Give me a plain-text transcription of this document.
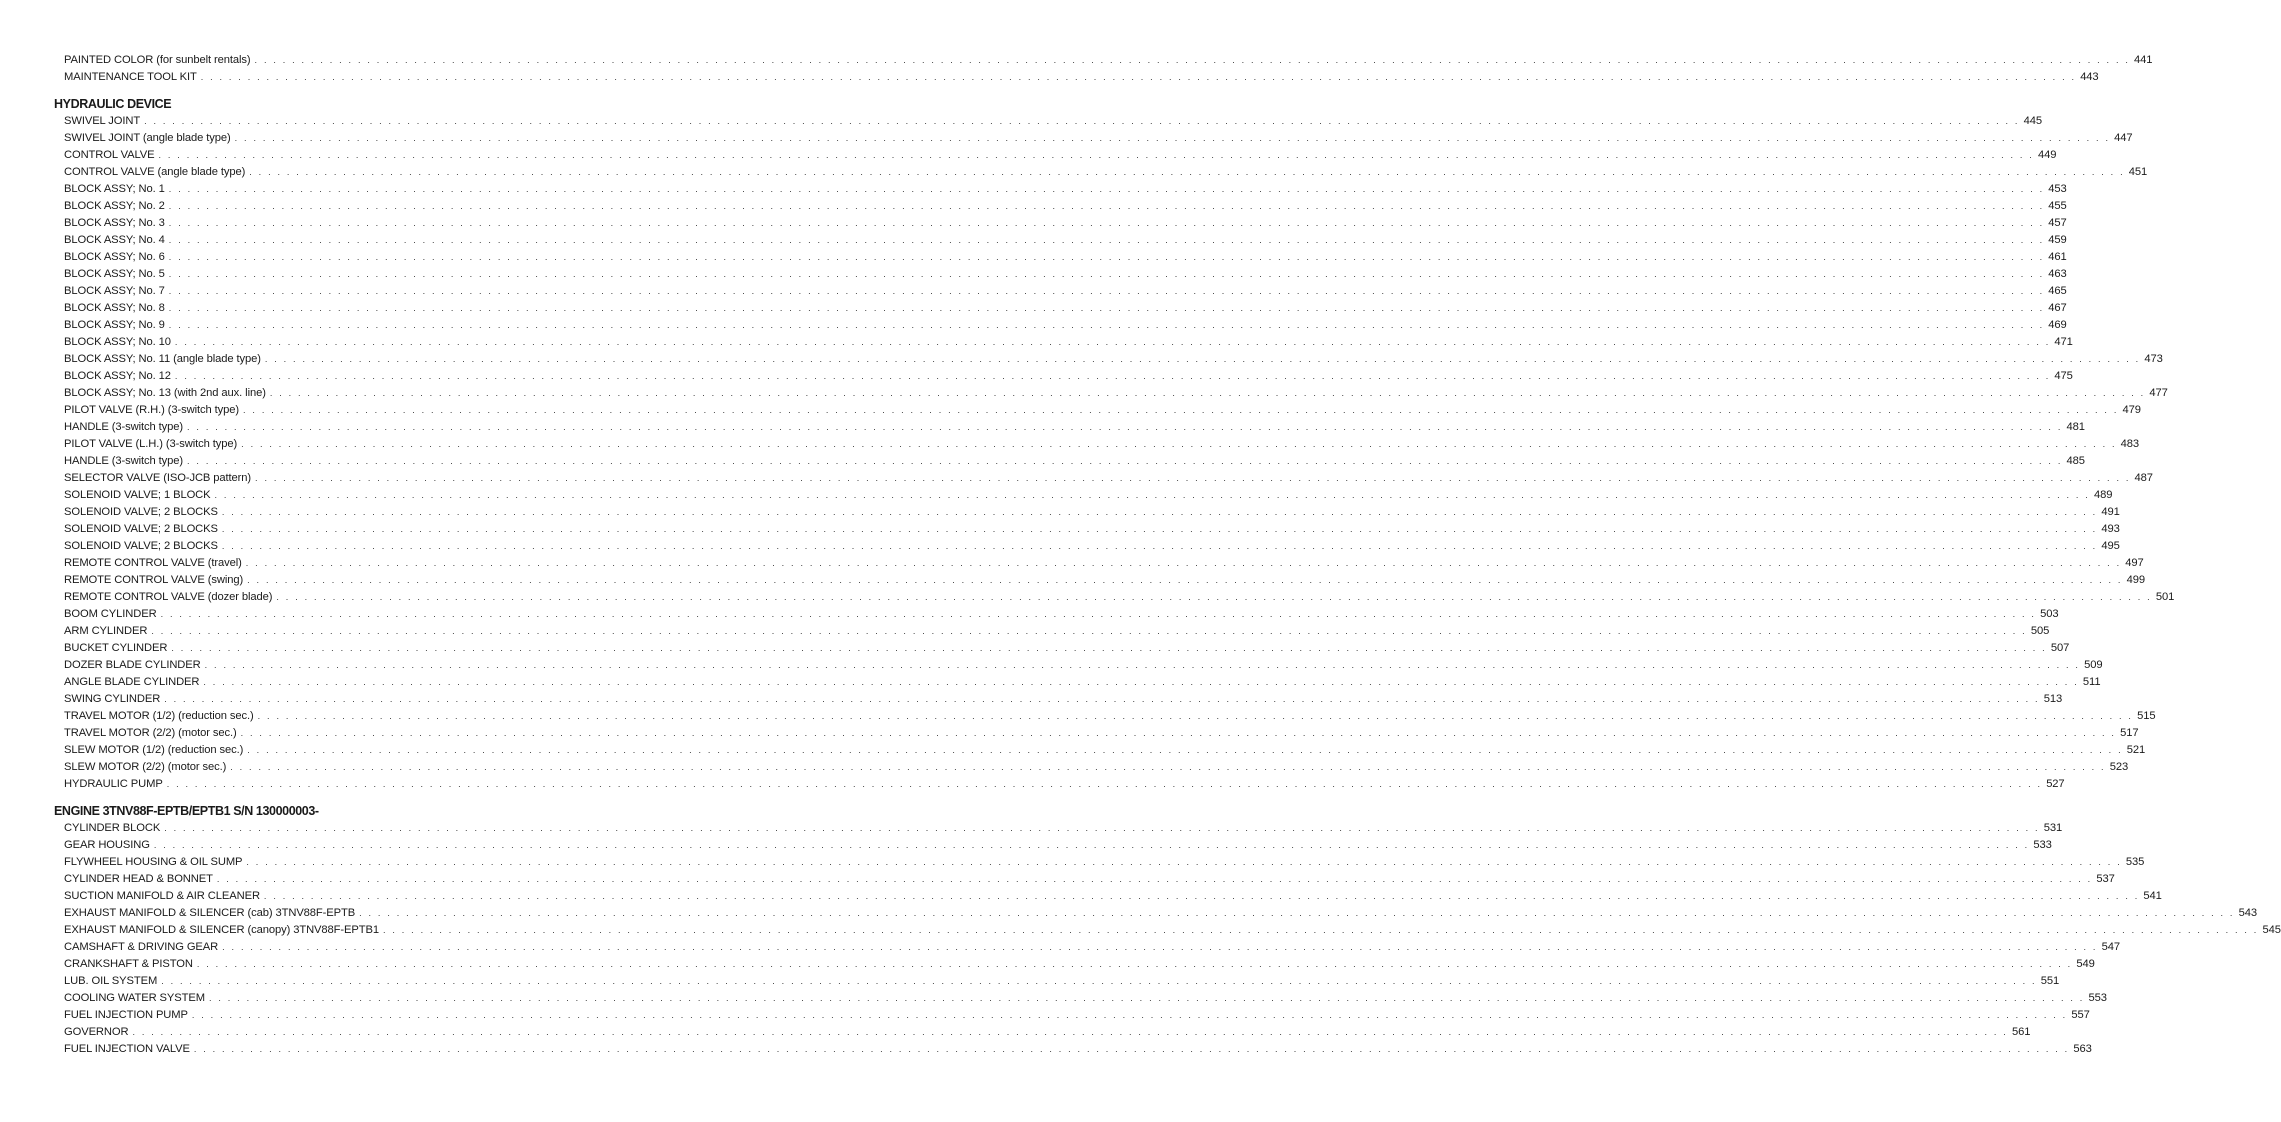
PAINTED COLOR (for sunbelt rentals) . . . . . . . . . . . . . . . . . . . . . . . . . . . . . . . . . . . . . . . . . . . . . . . . . . . . . . . . . . . . . . . . . . . . . . . . . . . . . . . . . . . . . . . . . . . . . . . . . . . . . . . . . . . . . . . . . . . . . . . . . . . . . . . . . . . . . . . . . . . . . . . . . . . . . . . . . . . . . . . . . . . . . . . . . . . . . . . . . . . . . . . . . . . . . . . . . . . . . . . . 441
MAINTENANCE TOOL KIT . . . . . . . . . . . . . . . . . . . . . . . . . . . . . . . . . . . . . . . . . . . . . . . . . . . . . . . . . . . . . . . . . . . . . . . . . . . . . . . . . . . . . . . . . . . . . . . . . . . . . . . . . . . . . . . . . . . . . . . . . . . . . . . . . . . . . . . . . . . . . . . . . . . . . . . . . . . . . . . . . . . . . . . . . . . . . . . . . . . . . . . . . . . . . . . . . . . . . . . . 443
HYDRAULIC DEVICE
SWIVEL JOINT . . . . . . . . . . . . . . . . . . . . . . . . . . . . . . . . . . . . . . . . . . . . . . . . . . . . . . . . . . . . . . . . . . . . . . . . . . . . . . . . . . . . . . . . . . . . . . . . . . . . . . . . . . . . . . . . . . . . . . . . . . . . . . . . . . . . . . . . . . . . . . . . . . . . . . . . . . . . . . . . . . . . . . . . . . . . . . . . . . . . . . . . . . . . . . . . . . . . . . . . 445
SWIVEL JOINT (angle blade type) . . . . . . . . . . . . . . . . . . . . . . . . . . . . . . . . . . . . . . . . . . . . . . . . . . . . . . . . . . . . . . . . . . . . . . . . . . . . . . . . . . . . . . . . . . . . . . . . . . . . . . . . . . . . . . . . . . . . . . . . . . . . . . . . . . . . . . . . . . . . . . . . . . . . . . . . . . . . . . . . . . . . . . . . . . . . . . . . . . . . . . . . . . . . . . . . . . . . . . . . 447
CONTROL VALVE . . . . . . . . . . . . . . . . . . . . . . . . . . . . . . . . . . . . . . . . . . . . . . . . . . . . . . . . . . . . . . . . . . . . . . . . . . . . . . . . . . . . . . . . . . . . . . . . . . . . . . . . . . . . . . . . . . . . . . . . . . . . . . . . . . . . . . . . . . . . . . . . . . . . . . . . . . . . . . . . . . . . . . . . . . . . . . . . . . . . . . . . . . . . . . . . . . . . . . . . 449
CONTROL VALVE (angle blade type) . . . . . . . . . . . . . . . . . . . . . . . . . . . . . . . . . . . . . . . . . . . . . . . . . . . . . . . . . . . . . . . . . . . . . . . . . . . . . . . . . . . . . . . . . . . . . . . . . . . . . . . . . . . . . . . . . . . . . . . . . . . . . . . . . . . . . . . . . . . . . . . . . . . . . . . . . . . . . . . . . . . . . . . . . . . . . . . . . . . . . . . . . . . . . . . . . . . . . . . . 451
BLOCK ASSY; No. 1 . . . . . . . . . . . . . . . . . . . . . . . . . . . . . . . . . . . . . . . . . . . . . . . . . . . . . . . . . . . . . . . . . . . . . . . . . . . . . . . . . . . . . . . . . . . . . . . . . . . . . . . . . . . . . . . . . . . . . . . . . . . . . . . . . . . . . . . . . . . . . . . . . . . . . . . . . . . . . . . . . . . . . . . . . . . . . . . . . . . . . . . . . . . . . . . . . . . . . . . . 453
BLOCK ASSY; No. 2 . . . . . . . . . . . . . . . . . . . . . . . . . . . . . . . . . . . . . . . . . . . . . . . . . . . . . . . . . . . . . . . . . . . . . . . . . . . . . . . . . . . . . . . . . . . . . . . . . . . . . . . . . . . . . . . . . . . . . . . . . . . . . . . . . . . . . . . . . . . . . . . . . . . . . . . . . . . . . . . . . . . . . . . . . . . . . . . . . . . . . . . . . . . . . . . . . . . . . . . . 455
BLOCK ASSY; No. 3 . . . . . . . . . . . . . . . . . . . . . . . . . . . . . . . . . . . . . . . . . . . . . . . . . . . . . . . . . . . . . . . . . . . . . . . . . . . . . . . . . . . . . . . . . . . . . . . . . . . . . . . . . . . . . . . . . . . . . . . . . . . . . . . . . . . . . . . . . . . . . . . . . . . . . . . . . . . . . . . . . . . . . . . . . . . . . . . . . . . . . . . . . . . . . . . . . . . . . . . . 457
BLOCK ASSY; No. 4 . . . . . . . . . . . . . . . . . . . . . . . . . . . . . . . . . . . . . . . . . . . . . . . . . . . . . . . . . . . . . . . . . . . . . . . . . . . . . . . . . . . . . . . . . . . . . . . . . . . . . . . . . . . . . . . . . . . . . . . . . . . . . . . . . . . . . . . . . . . . . . . . . . . . . . . . . . . . . . . . . . . . . . . . . . . . . . . . . . . . . . . . . . . . . . . . . . . . . . . . 459
BLOCK ASSY; No. 6 . . . . . . . . . . . . . . . . . . . . . . . . . . . . . . . . . . . . . . . . . . . . . . . . . . . . . . . . . . . . . . . . . . . . . . . . . . . . . . . . . . . . . . . . . . . . . . . . . . . . . . . . . . . . . . . . . . . . . . . . . . . . . . . . . . . . . . . . . . . . . . . . . . . . . . . . . . . . . . . . . . . . . . . . . . . . . . . . . . . . . . . . . . . . . . . . . . . . . . . . 461
BLOCK ASSY; No. 5 . . . . . . . . . . . . . . . . . . . . . . . . . . . . . . . . . . . . . . . . . . . . . . . . . . . . . . . . . . . . . . . . . . . . . . . . . . . . . . . . . . . . . . . . . . . . . . . . . . . . . . . . . . . . . . . . . . . . . . . . . . . . . . . . . . . . . . . . . . . . . . . . . . . . . . . . . . . . . . . . . . . . . . . . . . . . . . . . . . . . . . . . . . . . . . . . . . . . . . . . 463
BLOCK ASSY; No. 7 . . . . . . . . . . . . . . . . . . . . . . . . . . . . . . . . . . . . . . . . . . . . . . . . . . . . . . . . . . . . . . . . . . . . . . . . . . . . . . . . . . . . . . . . . . . . . . . . . . . . . . . . . . . . . . . . . . . . . . . . . . . . . . . . . . . . . . . . . . . . . . . . . . . . . . . . . . . . . . . . . . . . . . . . . . . . . . . . . . . . . . . . . . . . . . . . . . . . . . . . 465
BLOCK ASSY; No. 8 . . . . . . . . . . . . . . . . . . . . . . . . . . . . . . . . . . . . . . . . . . . . . . . . . . . . . . . . . . . . . . . . . . . . . . . . . . . . . . . . . . . . . . . . . . . . . . . . . . . . . . . . . . . . . . . . . . . . . . . . . . . . . . . . . . . . . . . . . . . . . . . . . . . . . . . . . . . . . . . . . . . . . . . . . . . . . . . . . . . . . . . . . . . . . . . . . . . . . . . . 467
BLOCK ASSY; No. 9 . . . . . . . . . . . . . . . . . . . . . . . . . . . . . . . . . . . . . . . . . . . . . . . . . . . . . . . . . . . . . . . . . . . . . . . . . . . . . . . . . . . . . . . . . . . . . . . . . . . . . . . . . . . . . . . . . . . . . . . . . . . . . . . . . . . . . . . . . . . . . . . . . . . . . . . . . . . . . . . . . . . . . . . . . . . . . . . . . . . . . . . . . . . . . . . . . . . . . . . . 469
BLOCK ASSY; No. 10 . . . . . . . . . . . . . . . . . . . . . . . . . . . . . . . . . . . . . . . . . . . . . . . . . . . . . . . . . . . . . . . . . . . . . . . . . . . . . . . . . . . . . . . . . . . . . . . . . . . . . . . . . . . . . . . . . . . . . . . . . . . . . . . . . . . . . . . . . . . . . . . . . . . . . . . . . . . . . . . . . . . . . . . . . . . . . . . . . . . . . . . . . . . . . . . . . . . . . . . . 471
BLOCK ASSY; No. 11 (angle blade type) . . . . . . . . . . . . . . . . . . . . . . . . . . . . . . . . . . . . . . . . . . . . . . . . . . . . . . . . . . . . . . . . . . . . . . . . . . . . . . . . . . . . . . . . . . . . . . . . . . . . . . . . . . . . . . . . . . . . . . . . . . . . . . . . . . . . . . . . . . . . . . . . . . . . . . . . . . . . . . . . . . . . . . . . . . . . . . . . . . . . . . . . . . . . . . . . . . . . . . . . 473
BLOCK ASSY; No. 12 . . . . . . . . . . . . . . . . . . . . . . . . . . . . . . . . . . . . . . . . . . . . . . . . . . . . . . . . . . . . . . . . . . . . . . . . . . . . . . . . . . . . . . . . . . . . . . . . . . . . . . . . . . . . . . . . . . . . . . . . . . . . . . . . . . . . . . . . . . . . . . . . . . . . . . . . . . . . . . . . . . . . . . . . . . . . . . . . . . . . . . . . . . . . . . . . . . . . . . . . 475
BLOCK ASSY; No. 13 (with 2nd aux. line) . . . . . . . . . . . . . . . . . . . . . . . . . . . . . . . . . . . . . . . . . . . . . . . . . . . . . . . . . . . . . . . . . . . . . . . . . . . . . . . . . . . . . . . . . . . . . . . . . . . . . . . . . . . . . . . . . . . . . . . . . . . . . . . . . . . . . . . . . . . . . . . . . . . . . . . . . . . . . . . . . . . . . . . . . . . . . . . . . . . . . . . . . . . . . . . . . . . . . . . . 477
PILOT VALVE (R.H.) (3-switch type) . . . . . . . . . . . . . . . . . . . . . . . . . . . . . . . . . . . . . . . . . . . . . . . . . . . . . . . . . . . . . . . . . . . . . . . . . . . . . . . . . . . . . . . . . . . . . . . . . . . . . . . . . . . . . . . . . . . . . . . . . . . . . . . . . . . . . . . . . . . . . . . . . . . . . . . . . . . . . . . . . . . . . . . . . . . . . . . . . . . . . . . . . . . . . . . . . . . . . . . . 479
HANDLE (3-switch type) . . . . . . . . . . . . . . . . . . . . . . . . . . . . . . . . . . . . . . . . . . . . . . . . . . . . . . . . . . . . . . . . . . . . . . . . . . . . . . . . . . . . . . . . . . . . . . . . . . . . . . . . . . . . . . . . . . . . . . . . . . . . . . . . . . . . . . . . . . . . . . . . . . . . . . . . . . . . . . . . . . . . . . . . . . . . . . . . . . . . . . . . . . . . . . . . . . . . . . . . 481
PILOT VALVE (L.H.) (3-switch type) . . . . . . . . . . . . . . . . . . . . . . . . . . . . . . . . . . . . . . . . . . . . . . . . . . . . . . . . . . . . . . . . . . . . . . . . . . . . . . . . . . . . . . . . . . . . . . . . . . . . . . . . . . . . . . . . . . . . . . . . . . . . . . . . . . . . . . . . . . . . . . . . . . . . . . . . . . . . . . . . . . . . . . . . . . . . . . . . . . . . . . . . . . . . . . . . . . . . . . . . 483
HANDLE (3-switch type) . . . . . . . . . . . . . . . . . . . . . . . . . . . . . . . . . . . . . . . . . . . . . . . . . . . . . . . . . . . . . . . . . . . . . . . . . . . . . . . . . . . . . . . . . . . . . . . . . . . . . . . . . . . . . . . . . . . . . . . . . . . . . . . . . . . . . . . . . . . . . . . . . . . . . . . . . . . . . . . . . . . . . . . . . . . . . . . . . . . . . . . . . . . . . . . . . . . . . . . . 485
SELECTOR VALVE (ISO-JCB pattern) . . . . . . . . . . . . . . . . . . . . . . . . . . . . . . . . . . . . . . . . . . . . . . . . . . . . . . . . . . . . . . . . . . . . . . . . . . . . . . . . . . . . . . . . . . . . . . . . . . . . . . . . . . . . . . . . . . . . . . . . . . . . . . . . . . . . . . . . . . . . . . . . . . . . . . . . . . . . . . . . . . . . . . . . . . . . . . . . . . . . . . . . . . . . . . . . . . . . . . . . 487
SOLENOID VALVE; 1 BLOCK . . . . . . . . . . . . . . . . . . . . . . . . . . . . . . . . . . . . . . . . . . . . . . . . . . . . . . . . . . . . . . . . . . . . . . . . . . . . . . . . . . . . . . . . . . . . . . . . . . . . . . . . . . . . . . . . . . . . . . . . . . . . . . . . . . . . . . . . . . . . . . . . . . . . . . . . . . . . . . . . . . . . . . . . . . . . . . . . . . . . . . . . . . . . . . . . . . . . . . . . 489
SOLENOID VALVE; 2 BLOCKS . . . . . . . . . . . . . . . . . . . . . . . . . . . . . . . . . . . . . . . . . . . . . . . . . . . . . . . . . . . . . . . . . . . . . . . . . . . . . . . . . . . . . . . . . . . . . . . . . . . . . . . . . . . . . . . . . . . . . . . . . . . . . . . . . . . . . . . . . . . . . . . . . . . . . . . . . . . . . . . . . . . . . . . . . . . . . . . . . . . . . . . . . . . . . . . . . . . . . . . . 491
SOLENOID VALVE; 2 BLOCKS . . . . . . . . . . . . . . . . . . . . . . . . . . . . . . . . . . . . . . . . . . . . . . . . . . . . . . . . . . . . . . . . . . . . . . . . . . . . . . . . . . . . . . . . . . . . . . . . . . . . . . . . . . . . . . . . . . . . . . . . . . . . . . . . . . . . . . . . . . . . . . . . . . . . . . . . . . . . . . . . . . . . . . . . . . . . . . . . . . . . . . . . . . . . . . . . . . . . . . . . 493
SOLENOID VALVE; 2 BLOCKS . . . . . . . . . . . . . . . . . . . . . . . . . . . . . . . . . . . . . . . . . . . . . . . . . . . . . . . . . . . . . . . . . . . . . . . . . . . . . . . . . . . . . . . . . . . . . . . . . . . . . . . . . . . . . . . . . . . . . . . . . . . . . . . . . . . . . . . . . . . . . . . . . . . . . . . . . . . . . . . . . . . . . . . . . . . . . . . . . . . . . . . . . . . . . . . . . . . . . . . . 495
REMOTE CONTROL VALVE (travel) . . . . . . . . . . . . . . . . . . . . . . . . . . . . . . . . . . . . . . . . . . . . . . . . . . . . . . . . . . . . . . . . . . . . . . . . . . . . . . . . . . . . . . . . . . . . . . . . . . . . . . . . . . . . . . . . . . . . . . . . . . . . . . . . . . . . . . . . . . . . . . . . . . . . . . . . . . . . . . . . . . . . . . . . . . . . . . . . . . . . . . . . . . . . . . . . . . . . . . . . 497
REMOTE CONTROL VALVE (swing) . . . . . . . . . . . . . . . . . . . . . . . . . . . . . . . . . . . . . . . . . . . . . . . . . . . . . . . . . . . . . . . . . . . . . . . . . . . . . . . . . . . . . . . . . . . . . . . . . . . . . . . . . . . . . . . . . . . . . . . . . . . . . . . . . . . . . . . . . . . . . . . . . . . . . . . . . . . . . . . . . . . . . . . . . . . . . . . . . . . . . . . . . . . . . . . . . . . . . . . . 499
REMOTE CONTROL VALVE (dozer blade) . . . . . . . . . . . . . . . . . . . . . . . . . . . . . . . . . . . . . . . . . . . . . . . . . . . . . . . . . . . . . . . . . . . . . . . . . . . . . . . . . . . . . . . . . . . . . . . . . . . . . . . . . . . . . . . . . . . . . . . . . . . . . . . . . . . . . . . . . . . . . . . . . . . . . . . . . . . . . . . . . . . . . . . . . . . . . . . . . . . . . . . . . . . . . . . . . . . . . . . . 501
BOOM CYLINDER . . . . . . . . . . . . . . . . . . . . . . . . . . . . . . . . . . . . . . . . . . . . . . . . . . . . . . . . . . . . . . . . . . . . . . . . . . . . . . . . . . . . . . . . . . . . . . . . . . . . . . . . . . . . . . . . . . . . . . . . . . . . . . . . . . . . . . . . . . . . . . . . . . . . . . . . . . . . . . . . . . . . . . . . . . . . . . . . . . . . . . . . . . . . . . . . . . . . . . . . 503
ARM CYLINDER . . . . . . . . . . . . . . . . . . . . . . . . . . . . . . . . . . . . . . . . . . . . . . . . . . . . . . . . . . . . . . . . . . . . . . . . . . . . . . . . . . . . . . . . . . . . . . . . . . . . . . . . . . . . . . . . . . . . . . . . . . . . . . . . . . . . . . . . . . . . . . . . . . . . . . . . . . . . . . . . . . . . . . . . . . . . . . . . . . . . . . . . . . . . . . . . . . . . . . . . 505
BUCKET CYLINDER . . . . . . . . . . . . . . . . . . . . . . . . . . . . . . . . . . . . . . . . . . . . . . . . . . . . . . . . . . . . . . . . . . . . . . . . . . . . . . . . . . . . . . . . . . . . . . . . . . . . . . . . . . . . . . . . . . . . . . . . . . . . . . . . . . . . . . . . . . . . . . . . . . . . . . . . . . . . . . . . . . . . . . . . . . . . . . . . . . . . . . . . . . . . . . . . . . . . . . . . 507
DOZER BLADE CYLINDER . . . . . . . . . . . . . . . . . . . . . . . . . . . . . . . . . . . . . . . . . . . . . . . . . . . . . . . . . . . . . . . . . . . . . . . . . . . . . . . . . . . . . . . . . . . . . . . . . . . . . . . . . . . . . . . . . . . . . . . . . . . . . . . . . . . . . . . . . . . . . . . . . . . . . . . . . . . . . . . . . . . . . . . . . . . . . . . . . . . . . . . . . . . . . . . . . . . . . . . . 509
ANGLE BLADE CYLINDER . . . . . . . . . . . . . . . . . . . . . . . . . . . . . . . . . . . . . . . . . . . . . . . . . . . . . . . . . . . . . . . . . . . . . . . . . . . . . . . . . . . . . . . . . . . . . . . . . . . . . . . . . . . . . . . . . . . . . . . . . . . . . . . . . . . . . . . . . . . . . . . . . . . . . . . . . . . . . . . . . . . . . . . . . . . . . . . . . . . . . . . . . . . . . . . . . . . . . . . . 511
SWING CYLINDER . . . . . . . . . . . . . . . . . . . . . . . . . . . . . . . . . . . . . . . . . . . . . . . . . . . . . . . . . . . . . . . . . . . . . . . . . . . . . . . . . . . . . . . . . . . . . . . . . . . . . . . . . . . . . . . . . . . . . . . . . . . . . . . . . . . . . . . . . . . . . . . . . . . . . . . . . . . . . . . . . . . . . . . . . . . . . . . . . . . . . . . . . . . . . . . . . . . . . . . . 513
TRAVEL MOTOR (1/2) (reduction sec.) . . . . . . . . . . . . . . . . . . . . . . . . . . . . . . . . . . . . . . . . . . . . . . . . . . . . . . . . . . . . . . . . . . . . . . . . . . . . . . . . . . . . . . . . . . . . . . . . . . . . . . . . . . . . . . . . . . . . . . . . . . . . . . . . . . . . . . . . . . . . . . . . . . . . . . . . . . . . . . . . . . . . . . . . . . . . . . . . . . . . . . . . . . . . . . . . . . . . . . . . 515
TRAVEL MOTOR (2/2) (motor sec.) . . . . . . . . . . . . . . . . . . . . . . . . . . . . . . . . . . . . . . . . . . . . . . . . . . . . . . . . . . . . . . . . . . . . . . . . . . . . . . . . . . . . . . . . . . . . . . . . . . . . . . . . . . . . . . . . . . . . . . . . . . . . . . . . . . . . . . . . . . . . . . . . . . . . . . . . . . . . . . . . . . . . . . . . . . . . . . . . . . . . . . . . . . . . . . . . . . . . . . . . 517
SLEW MOTOR (1/2) (reduction sec.) . . . . . . . . . . . . . . . . . . . . . . . . . . . . . . . . . . . . . . . . . . . . . . . . . . . . . . . . . . . . . . . . . . . . . . . . . . . . . . . . . . . . . . . . . . . . . . . . . . . . . . . . . . . . . . . . . . . . . . . . . . . . . . . . . . . . . . . . . . . . . . . . . . . . . . . . . . . . . . . . . . . . . . . . . . . . . . . . . . . . . . . . . . . . . . . . . . . . . . . . 521
SLEW MOTOR (2/2) (motor sec.) . . . . . . . . . . . . . . . . . . . . . . . . . . . . . . . . . . . . . . . . . . . . . . . . . . . . . . . . . . . . . . . . . . . . . . . . . . . . . . . . . . . . . . . . . . . . . . . . . . . . . . . . . . . . . . . . . . . . . . . . . . . . . . . . . . . . . . . . . . . . . . . . . . . . . . . . . . . . . . . . . . . . . . . . . . . . . . . . . . . . . . . . . . . . . . . . . . . . . . . . 523
HYDRAULIC PUMP . . . . . . . . . . . . . . . . . . . . . . . . . . . . . . . . . . . . . . . . . . . . . . . . . . . . . . . . . . . . . . . . . . . . . . . . . . . . . . . . . . . . . . . . . . . . . . . . . . . . . . . . . . . . . . . . . . . . . . . . . . . . . . . . . . . . . . . . . . . . . . . . . . . . . . . . . . . . . . . . . . . . . . . . . . . . . . . . . . . . . . . . . . . . . . . . . . . . . . . . 527
ENGINE 3TNV88F-EPTB/EPTB1 S/N 130000003-
CYLINDER BLOCK . . . . . . . . . . . . . . . . . . . . . . . . . . . . . . . . . . . . . . . . . . . . . . . . . . . . . . . . . . . . . . . . . . . . . . . . . . . . . . . . . . . . . . . . . . . . . . . . . . . . . . . . . . . . . . . . . . . . . . . . . . . . . . . . . . . . . . . . . . . . . . . . . . . . . . . . . . . . . . . . . . . . . . . . . . . . . . . . . . . . . . . . . . . . . . . . . . . . . . . . 531
GEAR HOUSING . . . . . . . . . . . . . . . . . . . . . . . . . . . . . . . . . . . . . . . . . . . . . . . . . . . . . . . . . . . . . . . . . . . . . . . . . . . . . . . . . . . . . . . . . . . . . . . . . . . . . . . . . . . . . . . . . . . . . . . . . . . . . . . . . . . . . . . . . . . . . . . . . . . . . . . . . . . . . . . . . . . . . . . . . . . . . . . . . . . . . . . . . . . . . . . . . . . . . . . . 533
FLYWHEEL HOUSING & OIL SUMP . . . . . . . . . . . . . . . . . . . . . . . . . . . . . . . . . . . . . . . . . . . . . . . . . . . . . . . . . . . . . . . . . . . . . . . . . . . . . . . . . . . . . . . . . . . . . . . . . . . . . . . . . . . . . . . . . . . . . . . . . . . . . . . . . . . . . . . . . . . . . . . . . . . . . . . . . . . . . . . . . . . . . . . . . . . . . . . . . . . . . . . . . . . . . . . . . . . . . . . . 535
CYLINDER HEAD & BONNET . . . . . . . . . . . . . . . . . . . . . . . . . . . . . . . . . . . . . . . . . . . . . . . . . . . . . . . . . . . . . . . . . . . . . . . . . . . . . . . . . . . . . . . . . . . . . . . . . . . . . . . . . . . . . . . . . . . . . . . . . . . . . . . . . . . . . . . . . . . . . . . . . . . . . . . . . . . . . . . . . . . . . . . . . . . . . . . . . . . . . . . . . . . . . . . . . . . . . . . . 537
SUCTION MANIFOLD & AIR CLEANER . . . . . . . . . . . . . . . . . . . . . . . . . . . . . . . . . . . . . . . . . . . . . . . . . . . . . . . . . . . . . . . . . . . . . . . . . . . . . . . . . . . . . . . . . . . . . . . . . . . . . . . . . . . . . . . . . . . . . . . . . . . . . . . . . . . . . . . . . . . . . . . . . . . . . . . . . . . . . . . . . . . . . . . . . . . . . . . . . . . . . . . . . . . . . . . . . . . . . . . . 541
EXHAUST MANIFOLD & SILENCER (cab) 3TNV88F-EPTB . . . . . . . . . . . . . . . . . . . . . . . . . . . . . . . . . . . . . . . . . . . . . . . . . . . . . . . . . . . . . . . . . . . . . . . . . . . . . . . . . . . . . . . . . . . . . . . . . . . . . . . . . . . . . . . . . . . . . . . . . . . . . . . . . . . . . . . . . . . . . . . . . . . . . . . . . . . . . . . . . . . . . . . . . . . . . . . . . . . . . . . . . . . . . . . . . . . . . . . . 543
EXHAUST MANIFOLD & SILENCER (canopy) 3TNV88F-EPTB1 . . . . . . . . . . . . . . . . . . . . . . . . . . . . . . . . . . . . . . . . . . . . . . . . . . . . . . . . . . . . . . . . . . . . . . . . . . . . . . . . . . . . . . . . . . . . . . . . . . . . . . . . . . . . . . . . . . . . . . . . . . . . . . . . . . . . . . . . . . . . . . . . . . . . . . . . . . . . . . . . . . . . . . . . . . . . . . . . . . . . . . . . . . . . . . . . . . . . . . . . 545
CAMSHAFT & DRIVING GEAR . . . . . . . . . . . . . . . . . . . . . . . . . . . . . . . . . . . . . . . . . . . . . . . . . . . . . . . . . . . . . . . . . . . . . . . . . . . . . . . . . . . . . . . . . . . . . . . . . . . . . . . . . . . . . . . . . . . . . . . . . . . . . . . . . . . . . . . . . . . . . . . . . . . . . . . . . . . . . . . . . . . . . . . . . . . . . . . . . . . . . . . . . . . . . . . . . . . . . . . . 547
CRANKSHAFT & PISTON . . . . . . . . . . . . . . . . . . . . . . . . . . . . . . . . . . . . . . . . . . . . . . . . . . . . . . . . . . . . . . . . . . . . . . . . . . . . . . . . . . . . . . . . . . . . . . . . . . . . . . . . . . . . . . . . . . . . . . . . . . . . . . . . . . . . . . . . . . . . . . . . . . . . . . . . . . . . . . . . . . . . . . . . . . . . . . . . . . . . . . . . . . . . . . . . . . . . . . . . 549
LUB. OIL SYSTEM . . . . . . . . . . . . . . . . . . . . . . . . . . . . . . . . . . . . . . . . . . . . . . . . . . . . . . . . . . . . . . . . . . . . . . . . . . . . . . . . . . . . . . . . . . . . . . . . . . . . . . . . . . . . . . . . . . . . . . . . . . . . . . . . . . . . . . . . . . . . . . . . . . . . . . . . . . . . . . . . . . . . . . . . . . . . . . . . . . . . . . . . . . . . . . . . . . . . . . . . 551
COOLING WATER SYSTEM . . . . . . . . . . . . . . . . . . . . . . . . . . . . . . . . . . . . . . . . . . . . . . . . . . . . . . . . . . . . . . . . . . . . . . . . . . . . . . . . . . . . . . . . . . . . . . . . . . . . . . . . . . . . . . . . . . . . . . . . . . . . . . . . . . . . . . . . . . . . . . . . . . . . . . . . . . . . . . . . . . . . . . . . . . . . . . . . . . . . . . . . . . . . . . . . . . . . . . . . 553
FUEL INJECTION PUMP . . . . . . . . . . . . . . . . . . . . . . . . . . . . . . . . . . . . . . . . . . . . . . . . . . . . . . . . . . . . . . . . . . . . . . . . . . . . . . . . . . . . . . . . . . . . . . . . . . . . . . . . . . . . . . . . . . . . . . . . . . . . . . . . . . . . . . . . . . . . . . . . . . . . . . . . . . . . . . . . . . . . . . . . . . . . . . . . . . . . . . . . . . . . . . . . . . . . . . . . 557
GOVERNOR . . . . . . . . . . . . . . . . . . . . . . . . . . . . . . . . . . . . . . . . . . . . . . . . . . . . . . . . . . . . . . . . . . . . . . . . . . . . . . . . . . . . . . . . . . . . . . . . . . . . . . . . . . . . . . . . . . . . . . . . . . . . . . . . . . . . . . . . . . . . . . . . . . . . . . . . . . . . . . . . . . . . . . . . . . . . . . . . . . . . . . . . . . . . . . . . . . . . . . . . 561
FUEL INJECTION VALVE . . . . . . . . . . . . . . . . . . . . . . . . . . . . . . . . . . . . . . . . . . . . . . . . . . . . . . . . . . . . . . . . . . . . . . . . . . . . . . . . . . . . . . . . . . . . . . . . . . . . . . . . . . . . . . . . . . . . . . . . . . . . . . . . . . . . . . . . . . . . . . . . . . . . . . . . . . . . . . . . . . . . . . . . . . . . . . . . . . . . . . . . . . . . . . . . . . . . . . . . 563
